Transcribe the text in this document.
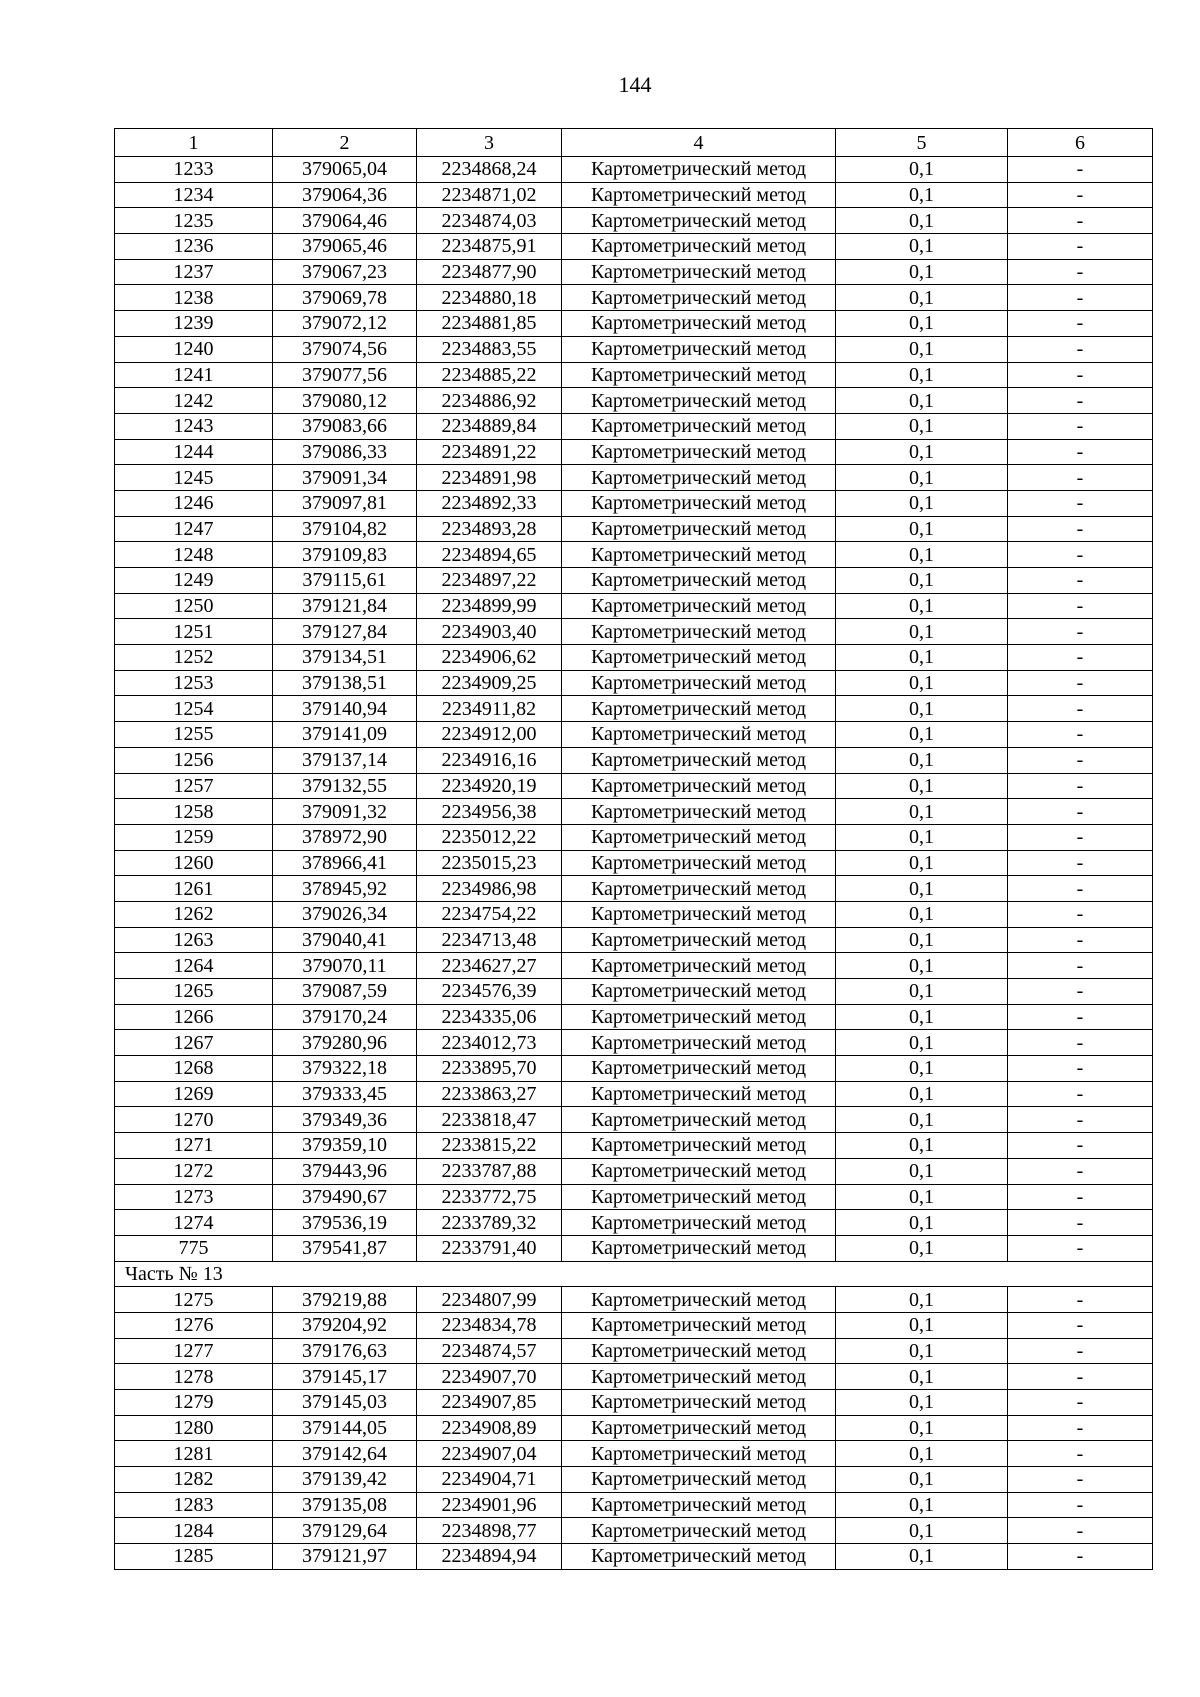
144
1	2	3	4	5	6
1233	379065,04	2234868,24	Картометрический метод	0,1	-
1234	379064,36	2234871,02	Картометрический метод	0,1	-
1235	379064,46	2234874,03	Картометрический метод	0,1	-
1236	379065,46	2234875,91	Картометрический метод	0,1	-
1237	379067,23	2234877,90	Картометрический метод	0,1	-
1238	379069,78	2234880,18	Картометрический метод	0,1	-
1239	379072,12	2234881,85	Картометрический метод	0,1	-
1240	379074,56	2234883,55	Картометрический метод	0,1	-
1241	379077,56	2234885,22	Картометрический метод	0,1	-
1242	379080,12	2234886,92	Картометрический метод	0,1	-
1243	379083,66	2234889,84	Картометрический метод	0,1	-
1244	379086,33	2234891,22	Картометрический метод	0,1	-
1245	379091,34	2234891,98	Картометрический метод	0,1	-
1246	379097,81	2234892,33	Картометрический метод	0,1	-
1247	379104,82	2234893,28	Картометрический метод	0,1	-
1248	379109,83	2234894,65	Картометрический метод	0,1	-
1249	379115,61	2234897,22	Картометрический метод	0,1	-
1250	379121,84	2234899,99	Картометрический метод	0,1	-
1251	379127,84	2234903,40	Картометрический метод	0,1	-
1252	379134,51	2234906,62	Картометрический метод	0,1	-
1253	379138,51	2234909,25	Картометрический метод	0,1	-
1254	379140,94	2234911,82	Картометрический метод	0,1	-
1255	379141,09	2234912,00	Картометрический метод	0,1	-
1256	379137,14	2234916,16	Картометрический метод	0,1	-
1257	379132,55	2234920,19	Картометрический метод	0,1	-
1258	379091,32	2234956,38	Картометрический метод	0,1	-
1259	378972,90	2235012,22	Картометрический метод	0,1	-
1260	378966,41	2235015,23	Картометрический метод	0,1	-
1261	378945,92	2234986,98	Картометрический метод	0,1	-
1262	379026,34	2234754,22	Картометрический метод	0,1	-
1263	379040,41	2234713,48	Картометрический метод	0,1	-
1264	379070,11	2234627,27	Картометрический метод	0,1	-
1265	379087,59	2234576,39	Картометрический метод	0,1	-
1266	379170,24	2234335,06	Картометрический метод	0,1	-
1267	379280,96	2234012,73	Картометрический метод	0,1	-
1268	379322,18	2233895,70	Картометрический метод	0,1	-
1269	379333,45	2233863,27	Картометрический метод	0,1	-
1270	379349,36	2233818,47	Картометрический метод	0,1	-
1271	379359,10	2233815,22	Картометрический метод	0,1	-
1272	379443,96	2233787,88	Картометрический метод	0,1	-
1273	379490,67	2233772,75	Картометрический метод	0,1	-
1274	379536,19	2233789,32	Картометрический метод	0,1	-
775	379541,87	2233791,40	Картометрический метод	0,1	-
Часть № 13					
1275	379219,88	2234807,99	Картометрический метод	0,1	-
1276	379204,92	2234834,78	Картометрический метод	0,1	-
1277	379176,63	2234874,57	Картометрический метод	0,1	-
1278	379145,17	2234907,70	Картометрический метод	0,1	-
1279	379145,03	2234907,85	Картометрический метод	0,1	-
1280	379144,05	2234908,89	Картометрический метод	0,1	-
1281	379142,64	2234907,04	Картометрический метод	0,1	-
1282	379139,42	2234904,71	Картометрический метод	0,1	-
1283	379135,08	2234901,96	Картометрический метод	0,1	-
1284	379129,64	2234898,77	Картометрический метод	0,1	-
1285	379121,97	2234894,94	Картометрический метод	0,1	-
